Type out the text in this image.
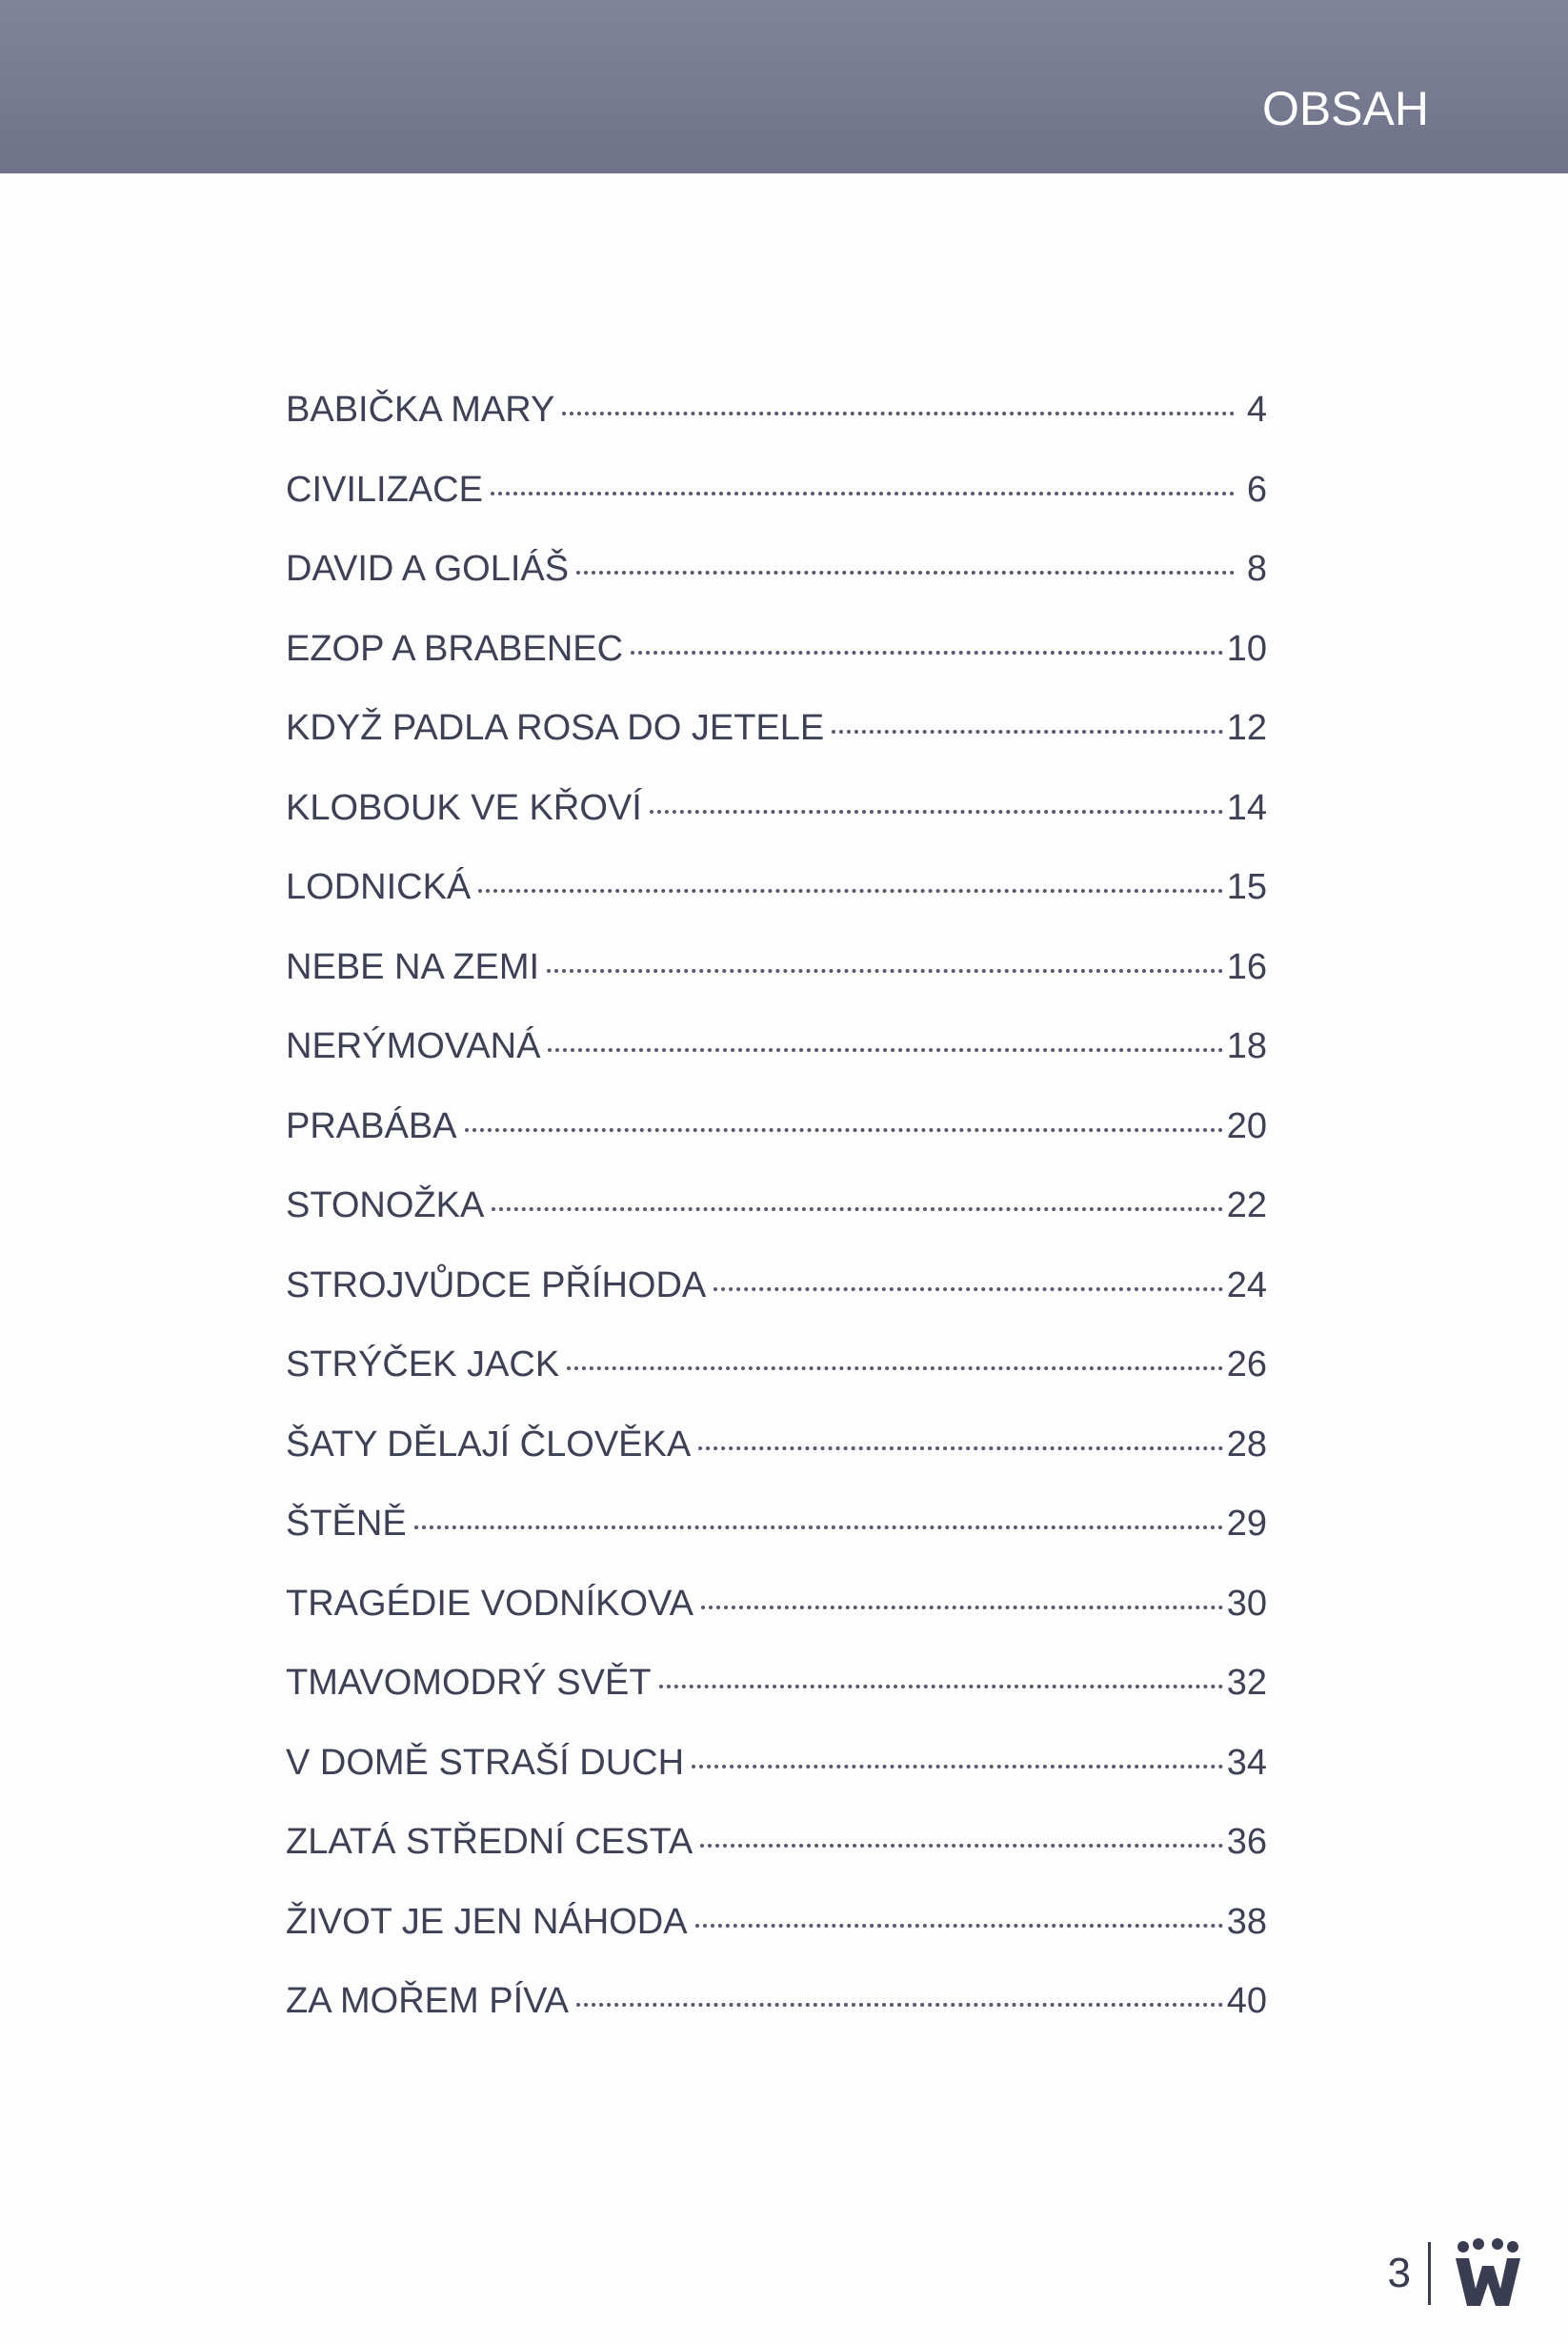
OBSAH
BABIČKA MARY	4
CIVILIZACE	6
DAVID A GOLIÁŠ	8
EZOP A BRABENEC	10
KDYŽ PADLA ROSA DO JETELE	12
KLOBOUK VE KŘOVÍ	14
LODNICKÁ	15
NEBE NA ZEMI	16
NERÝMOVANÁ	18
PRABÁBA	20
STONOŽKA	22
STROJVŮDCE PŘÍHODA	24
STRÝČEK JACK	26
ŠATY DĚLAJÍ ČLOVĚKA	28
ŠTĚNĚ	29
TRAGÉDIE VODNÍKOVA	30
TMAVOMODRÝ SVĚT	32
V DOMĚ STRAŠÍ DUCH	34
ZLATÁ STŘEDNÍ CESTA	36
ŽIVOT JE JEN NÁHODA	38
ZA MOŘEM PÍVA	40
3
